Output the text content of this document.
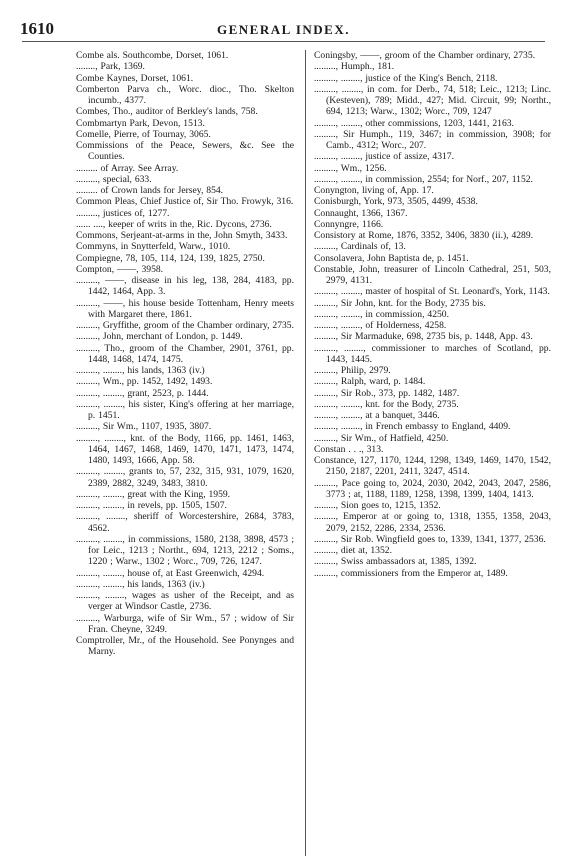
1610	GENERAL INDEX.
Combe als. Southcombe, Dorset, 1061.
........, Park, 1369.
Combe Kaynes, Dorset, 1061.
Comberton Parva ch., Worc. dioc., Tho. Skelton incumb., 4377.
Combes, Tho., auditor of Berkley's lands, 758.
Combmartyn Park, Devon, 1513.
Comelle, Pierre, of Tournay, 3065.
Commissions of the Peace, Sewers, &c. See the Counties.
......... of Array. See Array.
........., special, 633.
......... of Crown lands for Jersey, 854.
Common Pleas, Chief Justice of, Sir Tho. Frowyk, 316.
........., justices of, 1277.
...... ...., keeper of writs in the, Ric. Dycons, 2736.
Commons, Serjeant-at-arms in the, John Smyth, 3433.
Commyns, in Snytterfeld, Warw., 1010.
Compiegne, 78, 105, 114, 124, 139, 1825, 2750.
Compton, ——, 3958.
........., ——, disease in his leg, 138, 284, 4183, pp. 1442, 1464, App. 3.
........., ——, his house beside Tottenham, Henry meets with Margaret there, 1861.
........., Gryffithe, groom of the Chamber ordinary, 2735.
........., John, merchant of London, p. 1449.
........., Tho., groom of the Chamber, 2901, 3761, pp. 1448, 1468, 1474, 1475.
........., ........, his lands, 1363 (iv.)
........., Wm., pp. 1452, 1492, 1493.
........., ........, grant, 2523, p. 1444.
........., ........, his sister, King's offering at her marriage, p. 1451.
........., Sir Wm., 1107, 1935, 3807.
........., ........, knt. of the Body, 1166, pp. 1461, 1463, 1464, 1467, 1468, 1469, 1470, 1471, 1473, 1474, 1480, 1493, 1666, App. 58.
........., ........, grants to, 57, 232, 315, 931, 1079, 1620, 2389, 2882, 3249, 3483, 3810.
........., ........, great with the King, 1959.
........., ........, in revels, pp. 1505, 1507.
........., ........, sheriff of Worcestershire, 2684, 3783, 4562.
........., ........, in commissions, 1580, 2138, 3898, 4573 ; for Leic., 1213 ; Northt., 694, 1213, 2212 ; Soms., 1220 ; Warw., 1302 ; Worc., 709, 726, 1247.
........., ........, house of, at East Greenwich, 4294.
........., ........, his lands, 1363 (iv.)
........., ........, wages as usher of the Receipt, and as verger at Windsor Castle, 2736.
........., Warburga, wife of Sir Wm., 57 ; widow of Sir Fran. Cheyne, 3249.
Comptroller, Mr., of the Household. See Ponynges and Marny.
Coningsby, ——, groom of the Chamber ordinary, 2735.
........., Humph., 181.
........., ........, justice of the King's Bench, 2118.
........., ........, in com. for Derb., 74, 518; Leic., 1213; Linc. (Kesteven), 789; Midd., 427; Mid. Circuit, 99; Northt., 694, 1213; Warw., 1302; Worc., 709, 1247
........., ........, other commissions, 1203, 1441, 2163.
........., Sir Humph., 119, 3467; in commission, 3908; for Camb., 4312; Worc., 207.
........., ........, justice of assize, 4317.
........., Wm., 1256.
........., ........, in commission, 2554; for Norf., 207, 1152.
Conyngton, living of, App. 17.
Conisburgh, York, 973, 3505, 4499, 4538.
Connaught, 1366, 1367.
Connyngre, 1166.
Consistory at Rome, 1876, 3352, 3406, 3830 (ii.), 4289.
........., Cardinals of, 13.
Consolavera, John Baptista de, p. 1451.
Constable, John, treasurer of Lincoln Cathedral, 251, 503, 2979, 4131.
........., ........, master of hospital of St. Leonard's, York, 1143.
........., Sir John, knt. for the Body, 2735 bis.
........., ........, in commission, 4250.
........., ........, of Holderness, 4258.
........., Sir Marmaduke, 698, 2735 bis, p. 1448, App. 43.
........., ........, commissioner to marches of Scotland, pp. 1443, 1445.
........., Philip, 2979.
........., Ralph, ward, p. 1484.
........., Sir Rob., 373, pp. 1482, 1487.
........., ........, knt. for the Body, 2735.
........., ........, at a banquet, 3446.
........., ........, in French embassy to England, 4409.
........., Sir Wm., of Hatfield, 4250.
Constan . . ., 313.
Constance, 127, 1170, 1244, 1298, 1349, 1469, 1470, 1542, 2150, 2187, 2201, 2411, 3247, 4514.
........., Pace going to, 2024, 2030, 2042, 2043, 2047, 2586, 3773 ; at, 1188, 1189, 1258, 1398, 1399, 1404, 1413.
........., Sion goes to, 1215, 1352.
........., Emperor at or going to, 1318, 1355, 1358, 2043, 2079, 2152, 2286, 2334, 2536.
........., Sir Rob. Wingfield goes to, 1339, 1341, 1377, 2536.
........., diet at, 1352.
........., Swiss ambassadors at, 1385, 1392.
........., commissioners from the Emperor at, 1489.
